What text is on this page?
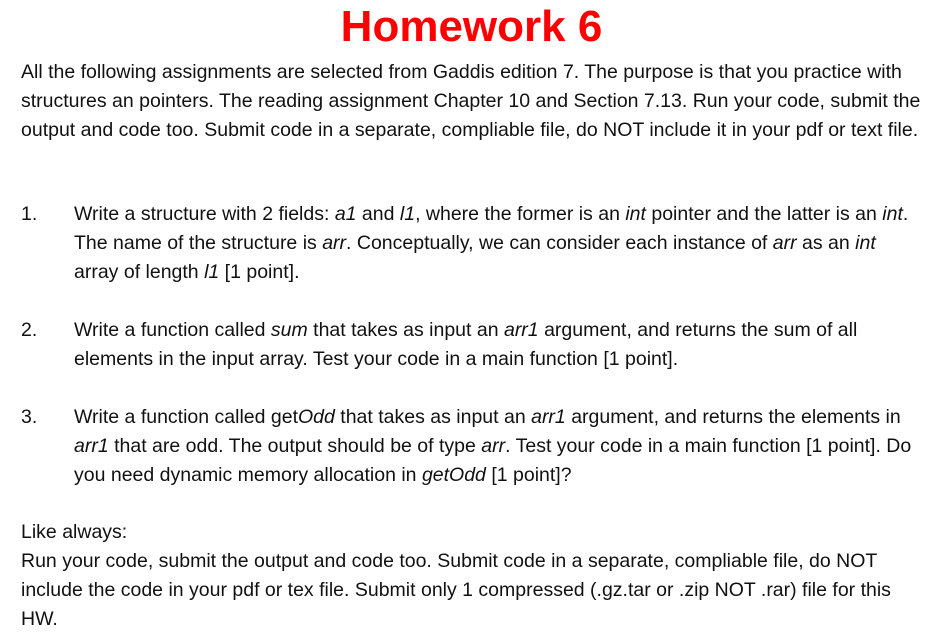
Homework 6

All the following assignments are selected from Gaddis edition 7. The purpose is that you practice with structures an pointers. The reading assignment Chapter 10 and Section 7.13. Run your code, submit the output and code too. Submit code in a separate, compliable file, do NOT include it in your pdf or text file.

1. Write a structure with 2 fields: a1 and l1, where the former is an int pointer and the latter is an int. The name of the structure is arr. Conceptually, we can consider each instance of arr as an int array of length l1 [1 point].
2. Write a function called sum that takes as input an arr1 argument, and returns the sum of all elements in the input array. Test your code in a main function [1 point].
3. Write a function called getOdd that takes as input an arr1 argument, and returns the elements in arr1 that are odd. The output should be of type arr. Test your code in a main function [1 point]. Do you need dynamic memory allocation in getOdd [1 point]?

Like always:

Run your code, submit the output and code too. Submit code in a separate, compliable file, do NOT include the code in your pdf or tex file. Submit only 1 compressed (.gz.tar or .zip NOT .rar) file for this HW.
